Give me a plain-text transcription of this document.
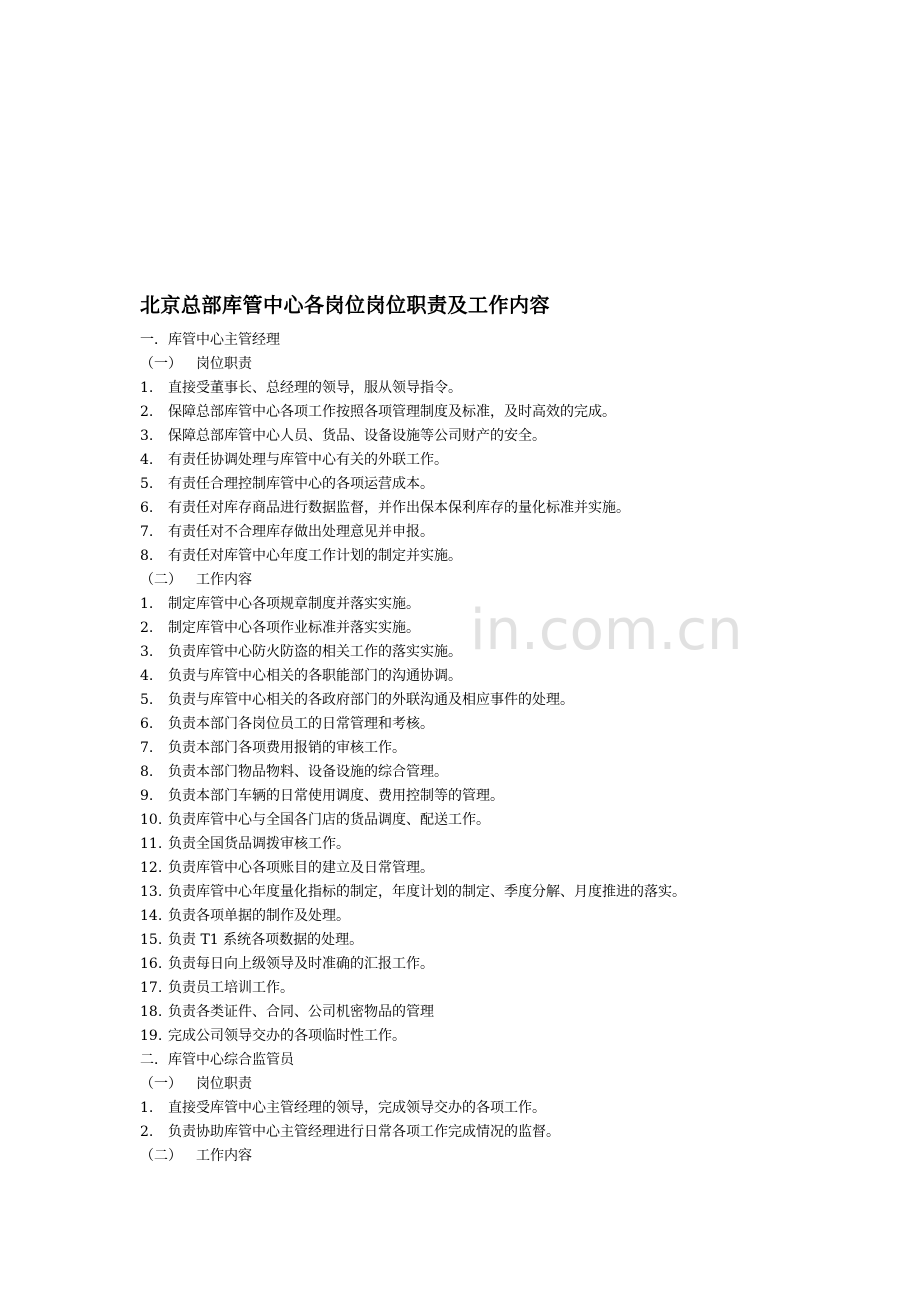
北京总部库管中心各岗位岗位职责及工作内容
一．库管中心主管经理
（一） 岗位职责
1. 直接受董事长、总经理的领导，服从领导指令。
2. 保障总部库管中心各项工作按照各项管理制度及标准，及时高效的完成。
3. 保障总部库管中心人员、货品、设备设施等公司财产的安全。
4. 有责任协调处理与库管中心有关的外联工作。
5. 有责任合理控制库管中心的各项运营成本。
6. 有责任对库存商品进行数据监督，并作出保本保利库存的量化标准并实施。
7. 有责任对不合理库存做出处理意见并申报。
8. 有责任对库管中心年度工作计划的制定并实施。
（二） 工作内容
1. 制定库管中心各项规章制度并落实实施。
2. 制定库管中心各项作业标准并落实实施。
3. 负责库管中心防火防盗的相关工作的落实实施。
4. 负责与库管中心相关的各职能部门的沟通协调。
5. 负责与库管中心相关的各政府部门的外联沟通及相应事件的处理。
6. 负责本部门各岗位员工的日常管理和考核。
7. 负责本部门各项费用报销的审核工作。
8. 负责本部门物品物料、设备设施的综合管理。
9. 负责本部门车辆的日常使用调度、费用控制等的管理。
10. 负责库管中心与全国各门店的货品调度、配送工作。
11. 负责全国货品调拨审核工作。
12. 负责库管中心各项账目的建立及日常管理。
13. 负责库管中心年度量化指标的制定，年度计划的制定、季度分解、月度推进的落实。
14. 负责各项单据的制作及处理。
15. 负责 T1 系统各项数据的处理。
16. 负责每日向上级领导及时准确的汇报工作。
17. 负责员工培训工作。
18. 负责各类证件、合同、公司机密物品的管理
19. 完成公司领导交办的各项临时性工作。
二．库管中心综合监管员
（一） 岗位职责
1. 直接受库管中心主管经理的领导，完成领导交办的各项工作。
2. 负责协助库管中心主管经理进行日常各项工作完成情况的监督。
（二） 工作内容
in.com.cn
